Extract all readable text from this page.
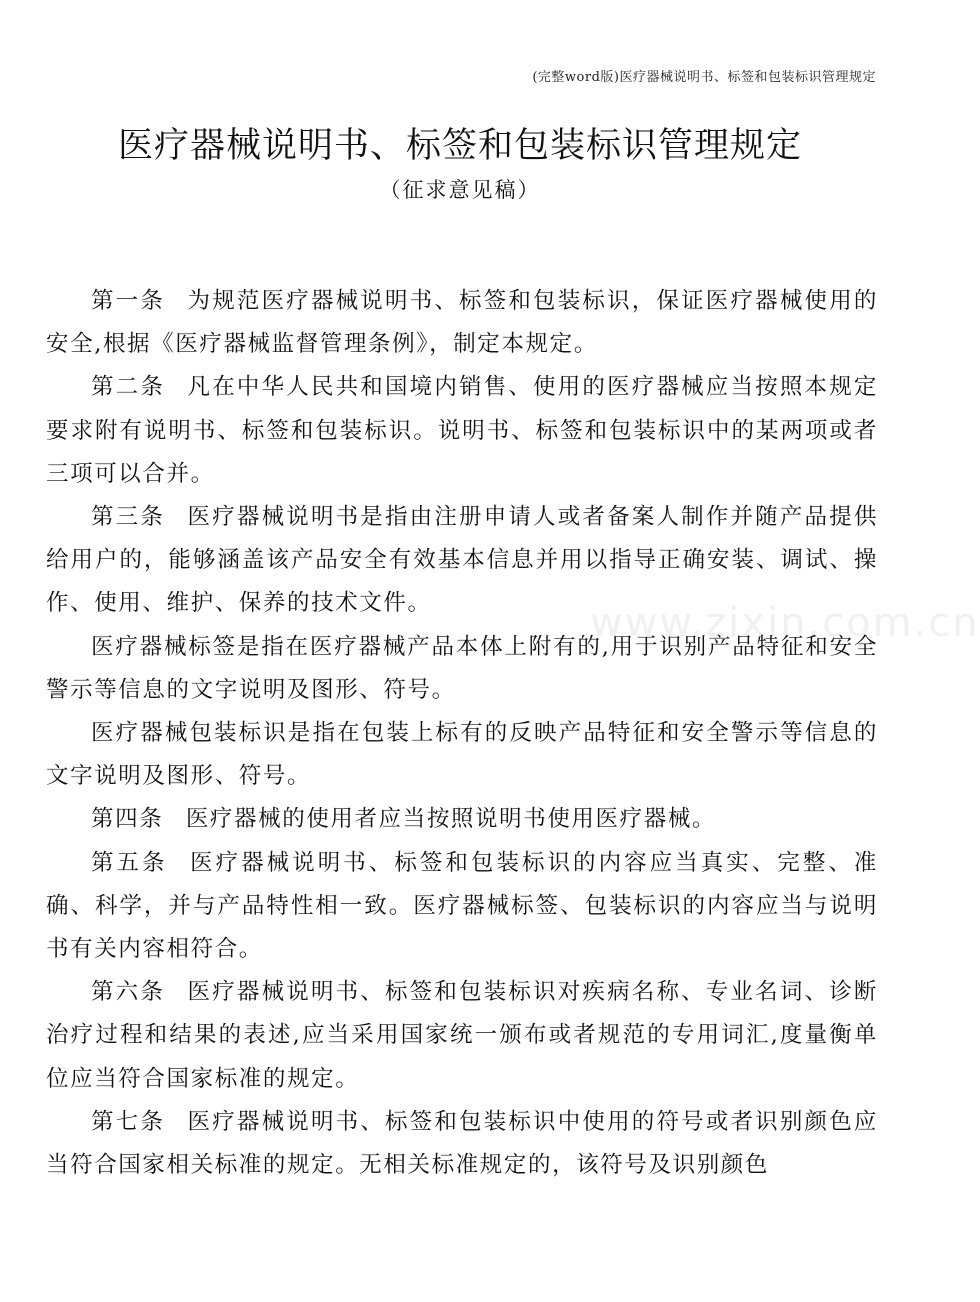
(完整word版)医疗器械说明书、标签和包装标识管理规定
医疗器械说明书、标签和包装标识管理规定
（征求意见稿）
www.zixin.com.cn

第一条 为规范医疗器械说明书、标签和包装标识，保证医疗器械使用的安全,根据《医疗器械监督管理条例》，制定本规定。

第二条 凡在中华人民共和国境内销售、使用的医疗器械应当按照本规定要求附有说明书、标签和包装标识。说明书、标签和包装标识中的某两项或者三项可以合并。

第三条 医疗器械说明书是指由注册申请人或者备案人制作并随产品提供给用户的，能够涵盖该产品安全有效基本信息并用以指导正确安装、调试、操作、使用、维护、保养的技术文件。

医疗器械标签是指在医疗器械产品本体上附有的,用于识别产品特征和安全警示等信息的文字说明及图形、符号。

医疗器械包装标识是指在包装上标有的反映产品特征和安全警示等信息的文字说明及图形、符号。

第四条 医疗器械的使用者应当按照说明书使用医疗器械。

第五条 医疗器械说明书、标签和包装标识的内容应当真实、完整、准确、科学，并与产品特性相一致。医疗器械标签、包装标识的内容应当与说明书有关内容相符合。

第六条 医疗器械说明书、标签和包装标识对疾病名称、专业名词、诊断治疗过程和结果的表述,应当采用国家统一颁布或者规范的专用词汇,度量衡单位应当符合国家标准的规定。

第七条 医疗器械说明书、标签和包装标识中使用的符号或者识别颜色应当符合国家相关标准的规定。无相关标准规定的，该符号及识别颜色
